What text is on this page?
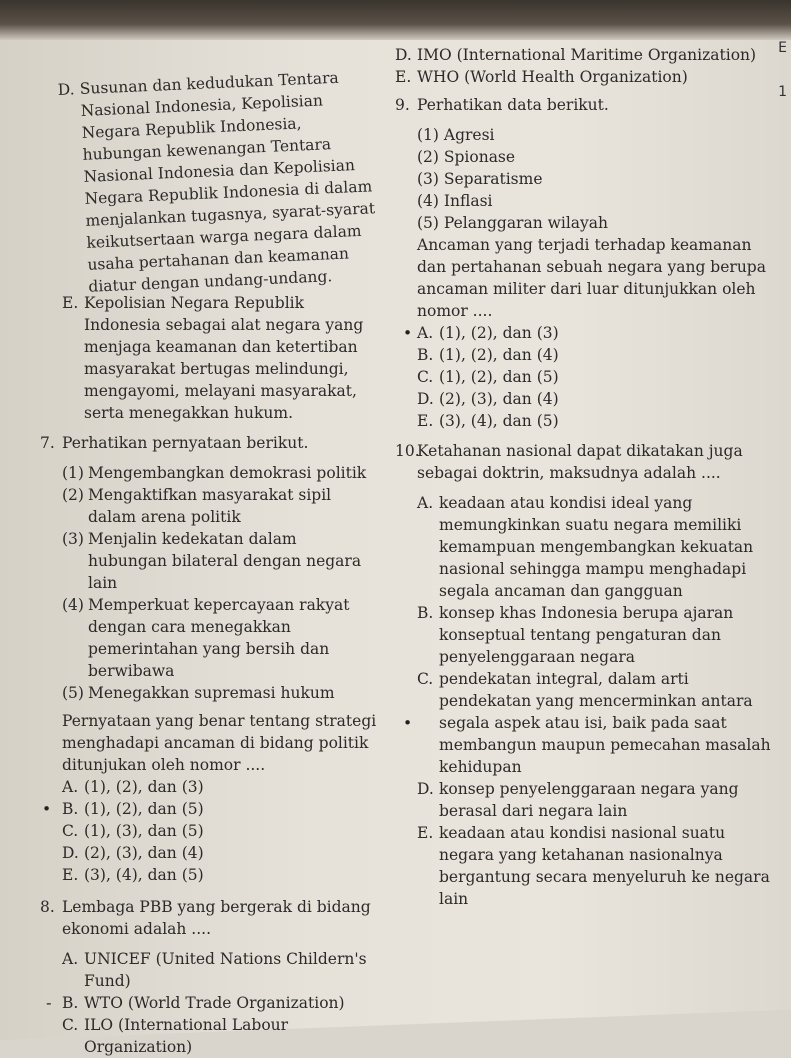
E
1
D. Susunan dan kedudukan Tentara Nasional Indonesia, Kepolisian Negara Republik Indonesia, hubungan kewenangan Tentara Nasional Indonesia dan Kepolisian Negara Republik Indonesia di dalam menjalankan tugasnya, syarat-syarat keikutsertaan warga negara dalam usaha pertahanan dan keamanan diatur dengan undang-undang.
E. Kepolisian Negara Republik Indonesia sebagai alat negara yang menjaga keamanan dan ketertiban masyarakat bertugas melindungi, mengayomi, melayani masyarakat, serta menegakkan hukum.
7. Perhatikan pernyataan berikut.
(1) Mengembangkan demokrasi politik
(2) Mengaktifkan masyarakat sipil dalam arena politik
(3) Menjalin kedekatan dalam hubungan bilateral dengan negara lain
(4) Memperkuat kepercayaan rakyat dengan cara menegakkan pemerintahan yang bersih dan berwibawa
(5) Menegakkan supremasi hukum
Pernyataan yang benar tentang strategi menghadapi ancaman di bidang politik ditunjukan oleh nomor ....
•
A. (1), (2), dan (3)
B. (1), (2), dan (5)
C. (1), (3), dan (5)
D. (2), (3), dan (4)
E. (3), (4), dan (5)
8. Lembaga PBB yang bergerak di bidang ekonomi adalah ....
-
A. UNICEF (United Nations Childern's Fund)
B. WTO (World Trade Organization)
C. ILO (International Labour Organization)
D. IMO (International Maritime Organization)
E. WHO (World Health Organization)
9. Perhatikan data berikut.
(1) Agresi
(2) Spionase
(3) Separatisme
(4) Inflasi
(5) Pelanggaran wilayah
Ancaman yang terjadi terhadap keamanan dan pertahanan sebuah negara yang berupa ancaman militer dari luar ditunjukkan oleh nomor ....
• A. (1), (2), dan (3)
B. (1), (2), dan (4)
C. (1), (2), dan (5)
D. (2), (3), dan (4)
E. (3), (4), dan (5)
10.
Ketahanan nasional dapat dikatakan juga sebagai doktrin, maksudnya adalah ....
•
A. keadaan atau kondisi ideal yang memungkinkan suatu negara memiliki kemampuan mengembangkan kekuatan nasional sehingga mampu menghadapi segala ancaman dan gangguan
B. konsep khas Indonesia berupa ajaran konseptual tentang pengaturan dan penyelenggaraan negara
C. pendekatan integral, dalam arti pendekatan yang mencerminkan antara segala aspek atau isi, baik pada saat membangun maupun pemecahan masalah kehidupan
D. konsep penyelenggaraan negara yang berasal dari negara lain
E. keadaan atau kondisi nasional suatu negara yang ketahanan nasionalnya bergantung secara menyeluruh ke negara lain
